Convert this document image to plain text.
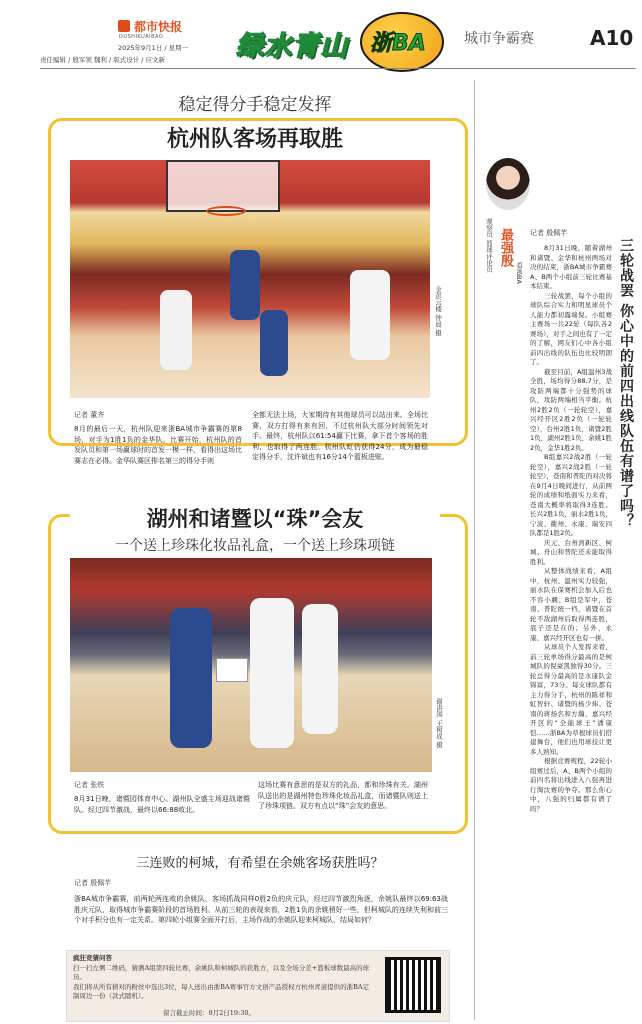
都市快报
DUSHIKUAIBAO
2025年9月1日 / 星期一
责任编辑 / 殷军领 魏利 / 版式设计 / 应文新	绿水青山 浙BA	城市争霸赛	A10
稳定得分手稳定发挥
杭州队客场再取胜
金彭云楼 钟晨 摄
记者 董齐
8月的最后一天，杭州队迎来浙BA城市争霸赛的第8场，对手为1胜1负的金华队。比赛开始，杭州队的首发队员和第一场赢球时的首发一模一样，看得出这场比赛志在必得。金华队赛区排名第三的得分手则
全都无法上场，大家期待有其他球员可以站出来。全场比赛，双方打得有来有回，不过杭州队大部分时间领先对手。最终，杭州队以61:54赢下比赛，拿下首个客场的胜利，也取得了两连胜。杭州队虹仍获得24分，成为最稳定得分手，沈许斌也有16分14个篮板进账。
湖州和诸暨以“珠”会友
一个送上珍珠化妆品礼盒，一个送上珍珠项链
谢洪国 王树成 摄
记者 张铁
8月31日晚，诸暨园体育中心。湖州队全盛主场迎战诸暨队。经过四节激战，最终以66:88败北。
这场比赛有意思的是双方的礼品，都和珍珠有关。湖州队送出的是湖州特色珍珠化妆品礼盒，而诸暨队则送上了珍珠项链。双方有点以“珠”会友的意思。
三连败的柯城，有希望在余姚客场获胜吗？
记者 殷佩芊
浙BA城市争霸赛，前两轮两连败的余姚队，客场抓战同样0胜2负的庆元队，经过四节激烈角逐，余姚队最终以69:63战胜庆元队，取得城市争霸赛阶段的首场胜利。从前三轮的表现来看，2胜1负的余姚稍好一些，但柯城队的连续失利和前三个对手积分也有一定关系。第四轮小组赛全面开打后，主场作战的余姚队迎来柯城队，结局如何？
疯狂竞猜问答
扫一扫左侧二维码，猜测A组第四轮比赛，余姚队和柯城队的获胜方，以及全场分差+篮板球数最高的球员。
我们将从所有猜对的粉丝中选出3位，每人送出由浙BA赛事官方文创产品授权方杭州青道提供的浙BA定制周边一份（款式随机）。
留言截止时间：9月2日19:30。
观察员 篮球评论员 最强殷
看浙BA
记者 殷佩芊
三轮战罢 你心中的前四出线队伍有谱了吗？
8月31日晚，随着湖州和诸暨、金华和杭州两场对决的结束，浙BA城市争霸赛A、B两个小组前三轮比赛基本结束。
三轮战罢，每个小组的球队综合实力和明星球员个人能力都初露端倪。小组赛主赛场一共22轮（每队各2赛场），对手之间也有了一定的了解，网友们心中各小组前四出线的队伍也比较明朗了。
截至目前，A组温州3战全胜，场均得分88.7分，是攻防两端都十分强势的球队，攻防两端相当平衡。杭州2胜2负（一轮轮空），嘉兴经开区2胜2负（一轮轮空），台州2胜1负，诸暨2胜1负，湖州2胜1负，余姚1胜2负，金华1胜2负。
B组嘉兴2战2胜（一轮轮空），嘉兴2战2胜（一轮轮空），苍南和普陀的对决将在9月4日晚间进行，从前两轮的成绩和纸面实力来看，苍南大概率将取得3连胜。长兴2胜1负，丽水2胜1负，宁波、衢州、永康、瑞安四队都是1胜2负。
庆元、台州湾新区、柯城、舟山和普陀还未能取得胜利。
从整体战绩来看，A组中，杭州、温州实力较强，丽水队在保赛机会加入后也不容小觑；B组是军中，苍南、普陀统一档，诸暨在首轮不敌湖州后取得两连胜，底子还是在的；另外，永康、嘉兴经开区也有一拼。
从球员个人发挥来看，前三轮单场得分最高的是柯城队的倪豪凯独得30分。三轮总得分最高的是永康队金锦富，73分。每支球队都有主力得分手，杭州的陈祥和虹智轩、诸暨的杨少炜、苍南的蒋扬名和方瀚、嘉兴经开区的“全能球王”潘康恺……浙BA为草根球员们搭建舞台，他们也用球技让更多人熟知。
根据竞赛规程，22轮小组赛过后，A、B两个小组的前四名将出线进入八强再进行淘汰赛的争夺。那么你心中，八强的归属都有谱了吗？
